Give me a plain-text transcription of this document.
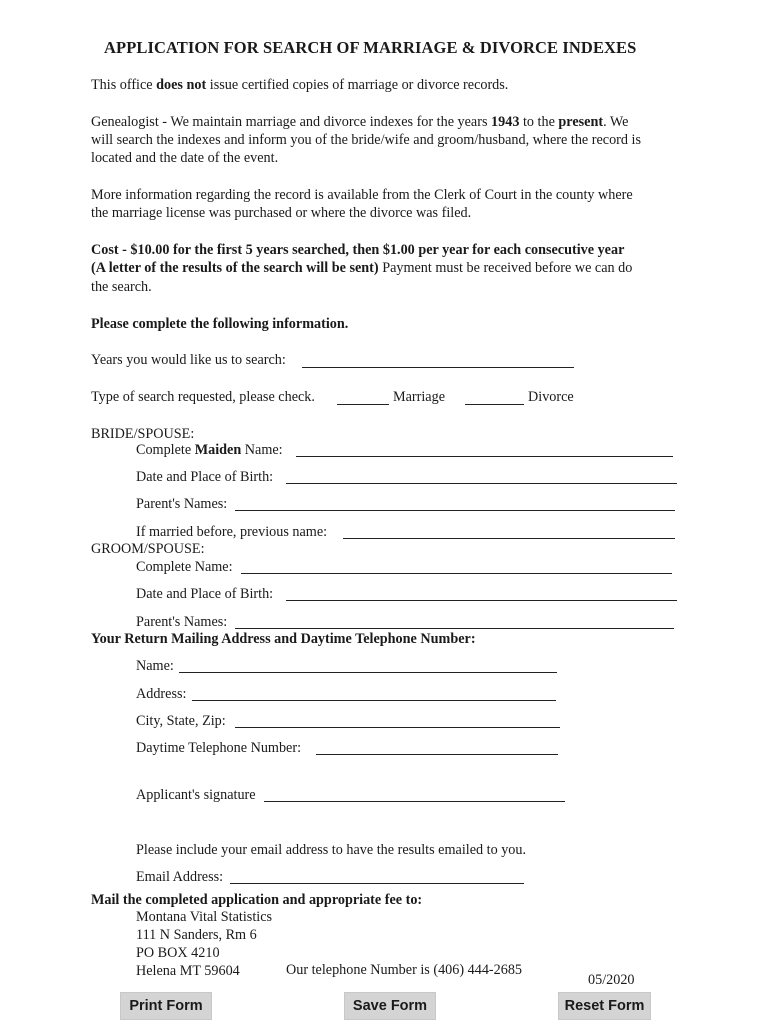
APPLICATION FOR SEARCH OF MARRIAGE & DIVORCE INDEXES
This office does not issue certified copies of marriage or divorce records.
Genealogist - We maintain marriage and divorce indexes for the years 1943 to the present. We
will search the indexes and inform you of the bride/wife and groom/husband, where the record is
located and the date of the event.
More information regarding the record is available from the Clerk of Court in the county where
the marriage license was purchased or where the divorce was filed.
Cost - $10.00 for the first 5 years searched, then $1.00 per year for each consecutive year
(A letter of the results of the search will be sent) Payment must be received before we can do
the search.
Please complete the following information.
Years you would like us to search:
Type of search requested, please check.	Marriage	Divorce
BRIDE/SPOUSE:
Complete Maiden Name:
Date and Place of Birth:
Parent's Names:
If married before, previous name:
GROOM/SPOUSE:
Complete Name:
Date and Place of Birth:
Parent's Names:
Your Return Mailing Address and Daytime Telephone Number:
Name:
Address:
City, State, Zip:
Daytime Telephone Number:
Applicant's signature
Please include your email address to have the results emailed to you.
Email Address:
Mail the completed application and appropriate fee to:
Montana Vital Statistics
111 N Sanders, Rm 6
PO BOX 4210
Helena MT 59604	Our telephone Number is (406) 444-2685
05/2020
Print Form	Save Form	Reset Form
